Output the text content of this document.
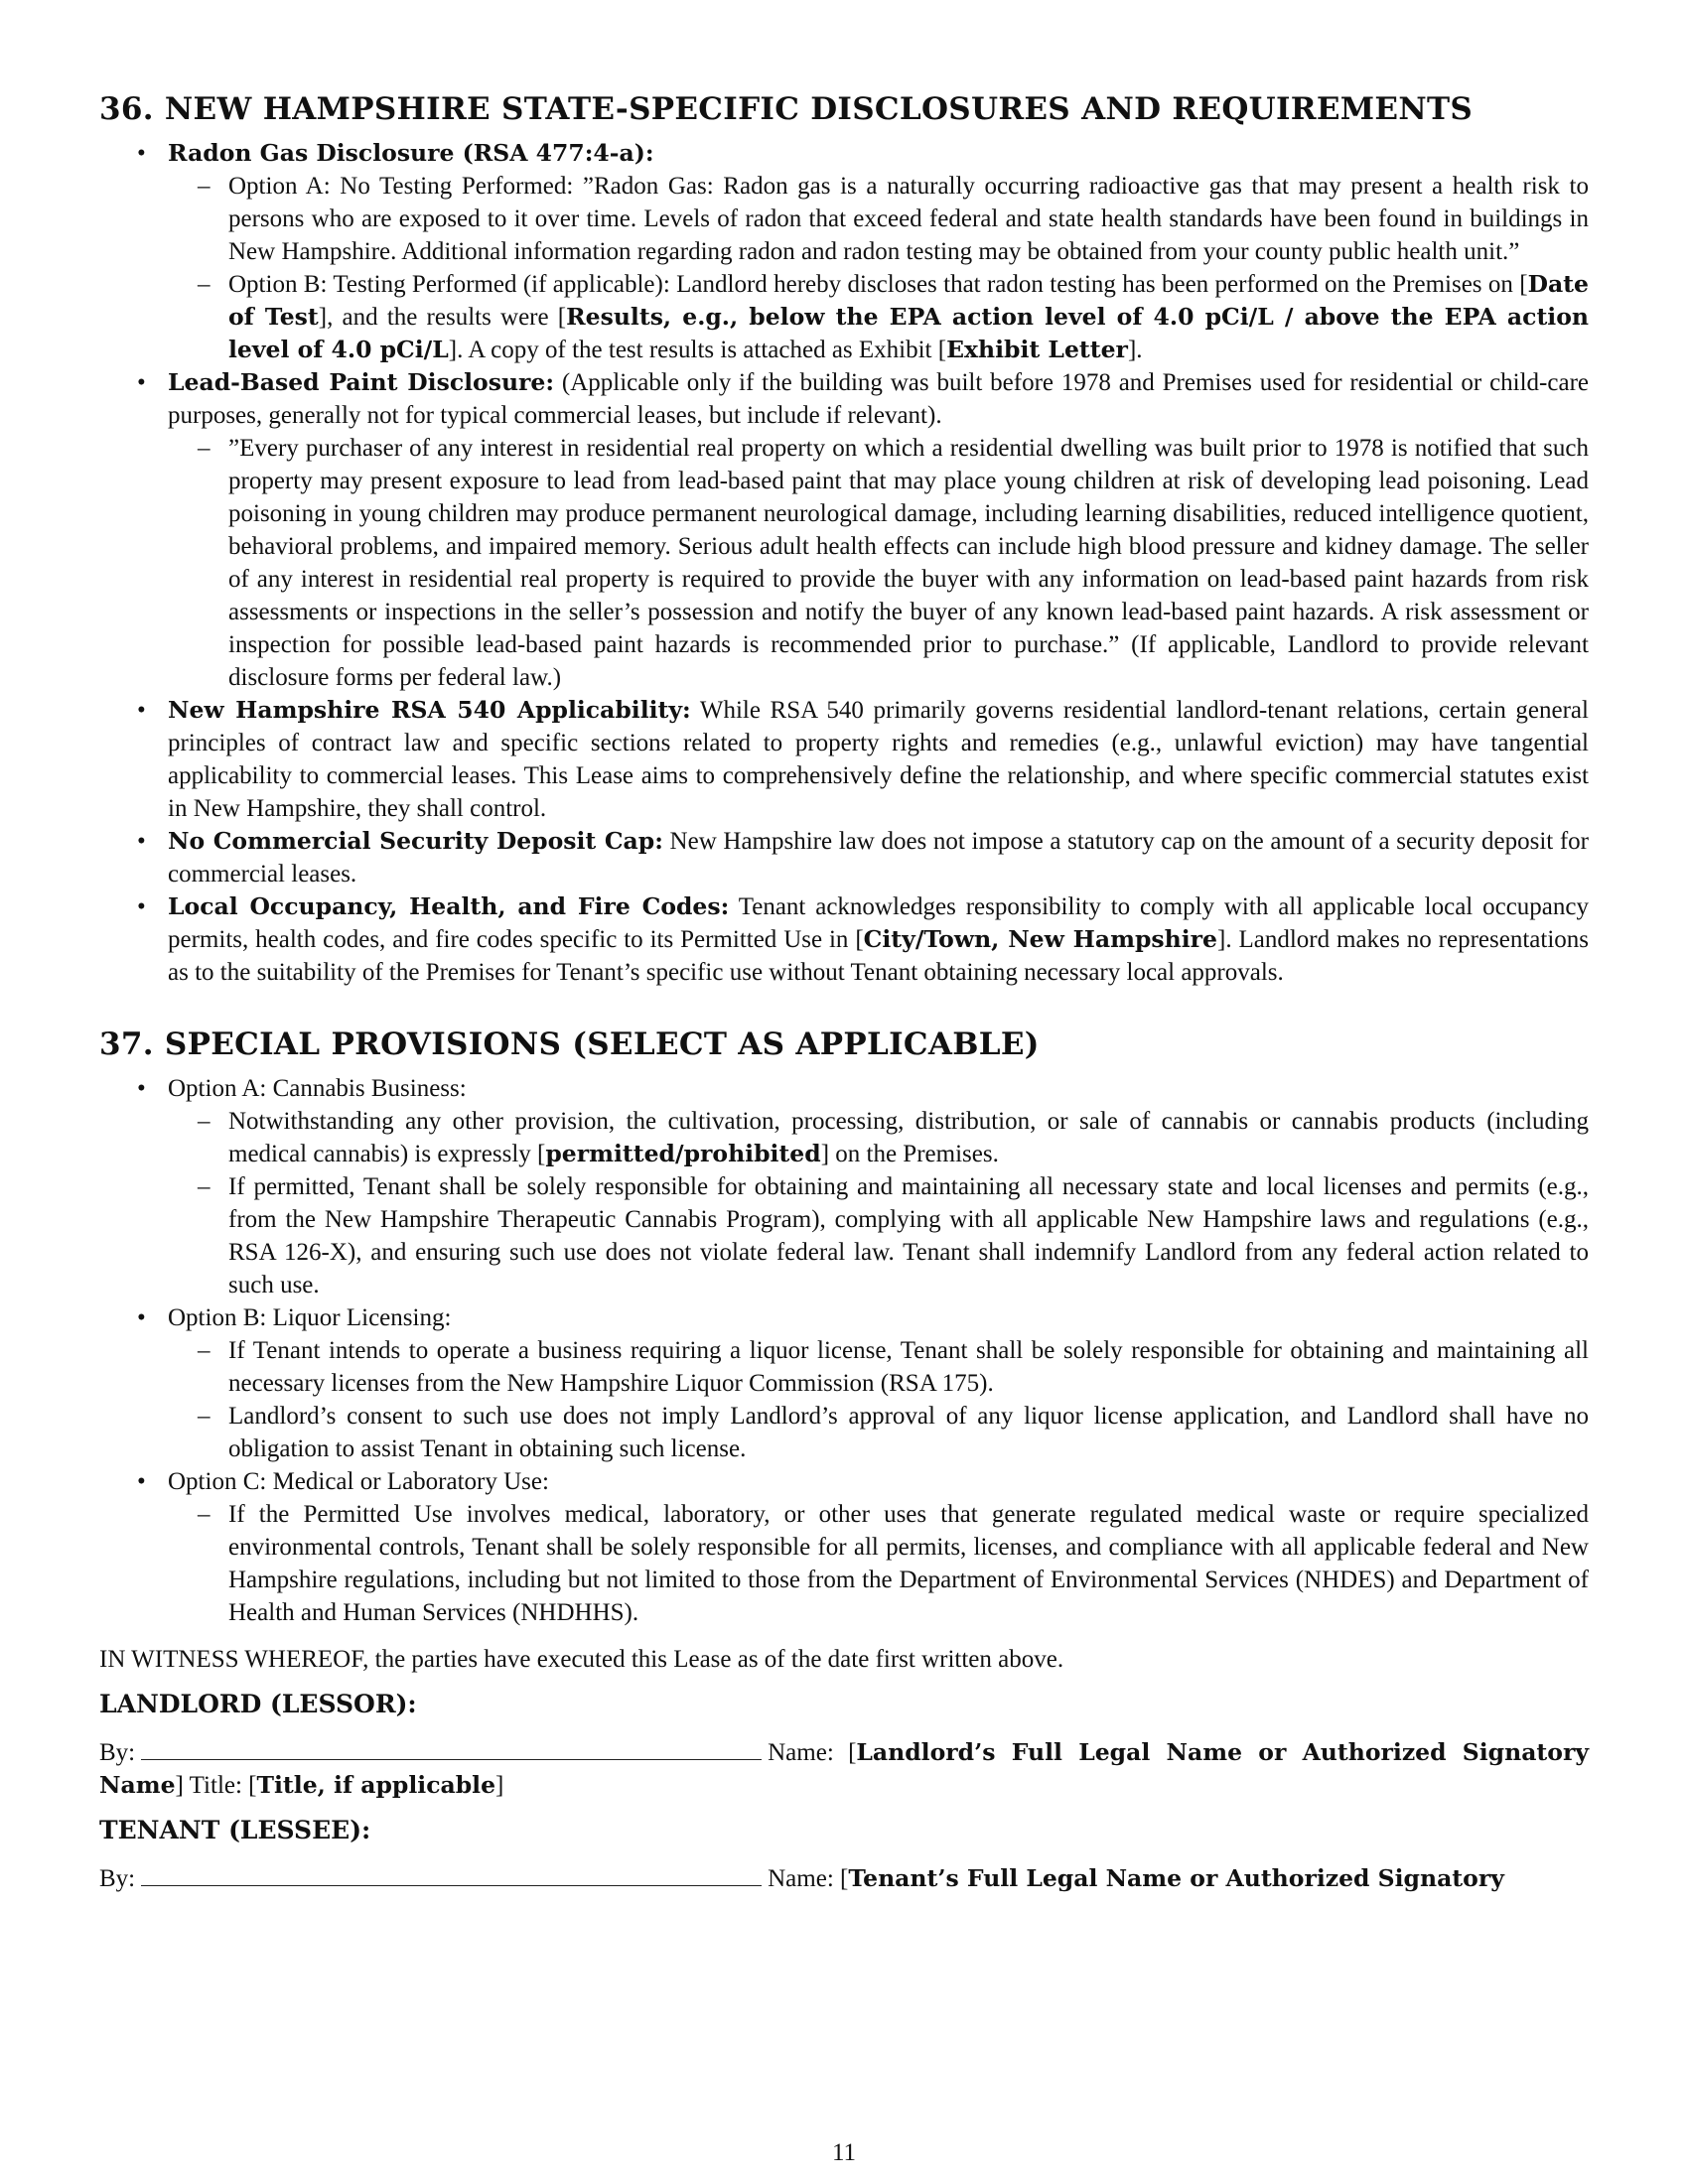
36. NEW HAMPSHIRE STATE-SPECIFIC DISCLOSURES AND REQUIREMENTS
• Radon Gas Disclosure (RSA 477:4-a):
– Option A: No Testing Performed: ”Radon Gas: Radon gas is a naturally occurring radioactive gas that may present a health risk to persons who are exposed to it over time. Levels of radon that exceed federal and state health standards have been found in buildings in New Hampshire. Additional information regarding radon and radon testing may be obtained from your county public health unit.”
– Option B: Testing Performed (if applicable): Landlord hereby discloses that radon testing has been performed on the Premises on [Date of Test], and the results were [Results, e.g., below the EPA action level of 4.0 pCi/L / above the EPA action level of 4.0 pCi/L]. A copy of the test results is attached as Exhibit [Exhibit Letter].
• Lead-Based Paint Disclosure: (Applicable only if the building was built before 1978 and Premises used for residential or child-care purposes, generally not for typical commercial leases, but include if relevant).
– ”Every purchaser of any interest in residential real property on which a residential dwelling was built prior to 1978 is notified that such property may present exposure to lead from lead-based paint that may place young children at risk of developing lead poisoning. Lead poisoning in young children may produce permanent neurological damage, including learning disabilities, reduced intelligence quotient, behavioral problems, and impaired memory. Serious adult health effects can include high blood pressure and kidney damage. The seller of any interest in residential real property is required to provide the buyer with any information on lead-based paint hazards from risk assessments or inspections in the seller’s possession and notify the buyer of any known lead-based paint hazards. A risk assessment or inspection for possible lead-based paint hazards is recommended prior to purchase.” (If applicable, Landlord to provide relevant disclosure forms per federal law.)
• New Hampshire RSA 540 Applicability: While RSA 540 primarily governs residential landlord-tenant relations, certain general principles of contract law and specific sections related to property rights and remedies (e.g., unlawful eviction) may have tangential applicability to commercial leases. This Lease aims to comprehensively define the relationship, and where specific commercial statutes exist in New Hampshire, they shall control.
• No Commercial Security Deposit Cap: New Hampshire law does not impose a statutory cap on the amount of a security deposit for commercial leases.
• Local Occupancy, Health, and Fire Codes: Tenant acknowledges responsibility to comply with all applicable local occupancy permits, health codes, and fire codes specific to its Permitted Use in [City/Town, New Hampshire]. Landlord makes no representations as to the suitability of the Premises for Tenant’s specific use without Tenant obtaining necessary local approvals.
37. SPECIAL PROVISIONS (SELECT AS APPLICABLE)
• Option A: Cannabis Business:
– Notwithstanding any other provision, the cultivation, processing, distribution, or sale of cannabis or cannabis products (including medical cannabis) is expressly [permitted/prohibited] on the Premises.
– If permitted, Tenant shall be solely responsible for obtaining and maintaining all necessary state and local licenses and permits (e.g., from the New Hampshire Therapeutic Cannabis Program), complying with all applicable New Hampshire laws and regulations (e.g., RSA 126-X), and ensuring such use does not violate federal law. Tenant shall indemnify Landlord from any federal action related to such use.
• Option B: Liquor Licensing:
– If Tenant intends to operate a business requiring a liquor license, Tenant shall be solely responsible for obtaining and maintaining all necessary licenses from the New Hampshire Liquor Commission (RSA 175).
– Landlord’s consent to such use does not imply Landlord’s approval of any liquor license application, and Landlord shall have no obligation to assist Tenant in obtaining such license.
• Option C: Medical or Laboratory Use:
– If the Permitted Use involves medical, laboratory, or other uses that generate regulated medical waste or require specialized environmental controls, Tenant shall be solely responsible for all permits, licenses, and compliance with all applicable federal and New Hampshire regulations, including but not limited to those from the Department of Environmental Services (NHDES) and Department of Health and Human Services (NHDHHS).

IN WITNESS WHEREOF, the parties have executed this Lease as of the date first written above.

LANDLORD (LESSOR):

By:	Name: [Landlord’s Full Legal Name or Authorized Signatory Name] Title: [Title, if applicable]

TENANT (LESSEE):

By:	Name: [Tenant’s Full Legal Name or Authorized Signatory

11
